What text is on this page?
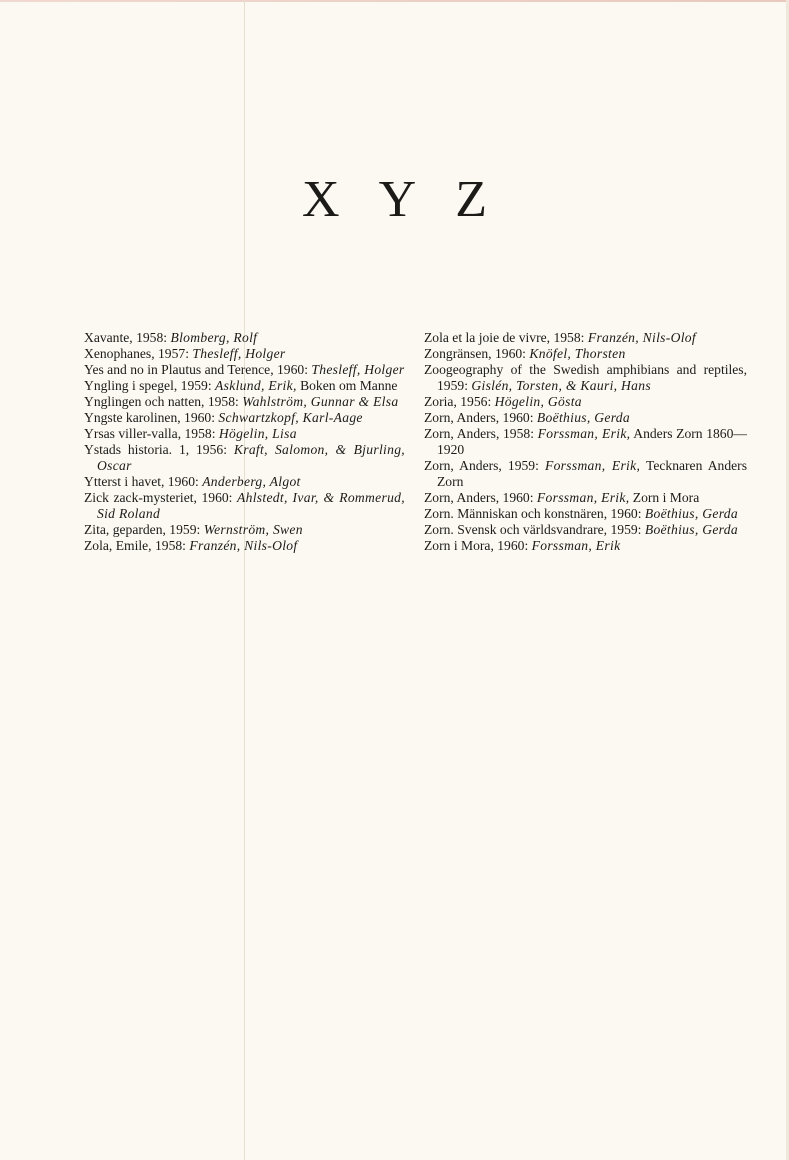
X Y Z

Xavante, 1958: Blomberg, Rolf

Xenophanes, 1957: Thesleff, Holger

Yes and no in Plautus and Terence, 1960: Thesleff, Holger

Yngling i spegel, 1959: Asklund, Erik, Boken om Manne

Ynglingen och natten, 1958: Wahlström, Gunnar & Elsa

Yngste karolinen, 1960: Schwartzkopf, Karl-Aage

Yrsas viller-valla, 1958: Högelin, Lisa

Ystads historia. 1, 1956: Kraft, Salomon, & Bjurling, Oscar

Ytterst i havet, 1960: Anderberg, Algot

Zick zack-mysteriet, 1960: Ahlstedt, Ivar, & Rommerud, Sid Roland

Zita, geparden, 1959: Wernström, Swen

Zola, Emile, 1958: Franzén, Nils-Olof

Zola et la joie de vivre, 1958: Franzén, Nils-Olof

Zongränsen, 1960: Knöfel, Thorsten

Zoogeography of the Swedish amphibians and reptiles, 1959: Gislén, Torsten, & Kauri, Hans

Zoria, 1956: Högelin, Gösta

Zorn, Anders, 1960: Boëthius, Gerda

Zorn, Anders, 1958: Forssman, Erik, Anders Zorn 1860—1920

Zorn, Anders, 1959: Forssman, Erik, Tecknaren Anders Zorn

Zorn, Anders, 1960: Forssman, Erik, Zorn i Mora

Zorn. Människan och konstnären, 1960: Boëthius, Gerda

Zorn. Svensk och världsvandrare, 1959: Boëthius, Gerda

Zorn i Mora, 1960: Forssman, Erik
